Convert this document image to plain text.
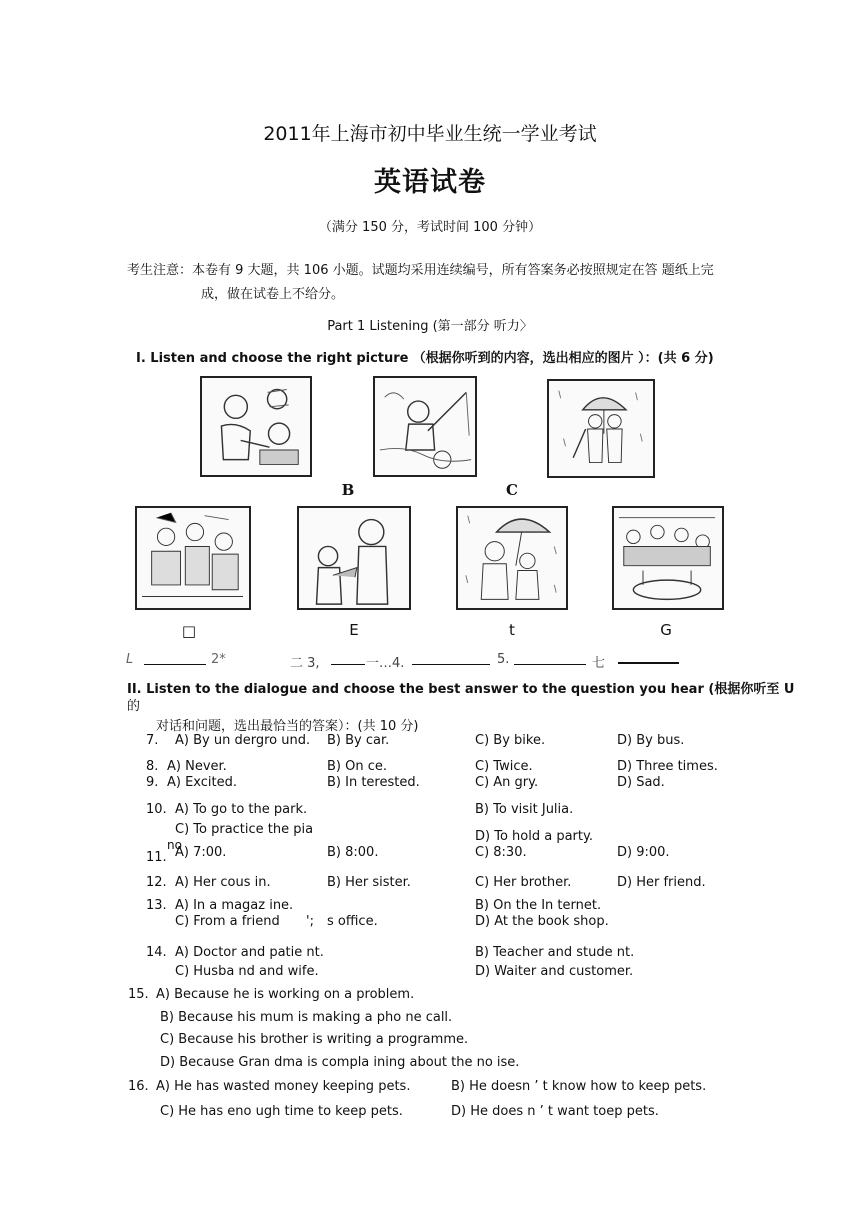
2011年上海市初中毕业生统一学业考试
英语试卷
（满分 150 分，考试时间 100 分钟）
考生注意：本卷有 9 大题，共 106 小题。试题均采用连续编号，所有答案务必按照规定在答 题纸上完
成，做在试卷上不给分。
Part 1 Listening (第一部分 听力〉
I. Listen and choose the right picture （根据你听到的内容，选出相应的图片 ）：(共 6 分)
B	C
□	E	t	G
L	2*	二 3,	一…4.	5.	七
II. Listen to the dialogue and choose the best answer to the question you hear (根据你听至 U
的
对话和问题，选出最恰当的答案）：(共 10 分)
7. A) By un dergro und. B) By car.	C) By bike.	D) By bus.
8. A) Never.	B) On ce.	C) Twice.	D) Three times.
9. A) Excited.	B) In terested.	C) An gry.	D) Sad.
10. A) To go to the park.	B) To visit Julia.
C) To practice the pia	D) To hold a party.
no
11. A) 7:00.	B) 8:00.	C) 8:30.	D) 9:00.
12. A) Her cous in.	B) Her sister.	C) Her brother.	D) Her friend.
13. A) In a magaz ine.	B) On the In ternet.
C) From a friend '; s office.	D) At the book shop.
14. A) Doctor and patie nt.	B) Teacher and stude nt.
C) Husba nd and wife.	D) Waiter and customer.
15. A) Because he is working on a problem.
B) Because his mum is making a pho ne call.
C) Because his brother is writing a programme.
D) Because Gran dma is compla ining about the no ise.
16. A) He has wasted money keeping pets.	B) He doesn ’ t know how to keep pets.
C) He has eno ugh time to keep pets.	D) He does n ’ t want toep pets.
